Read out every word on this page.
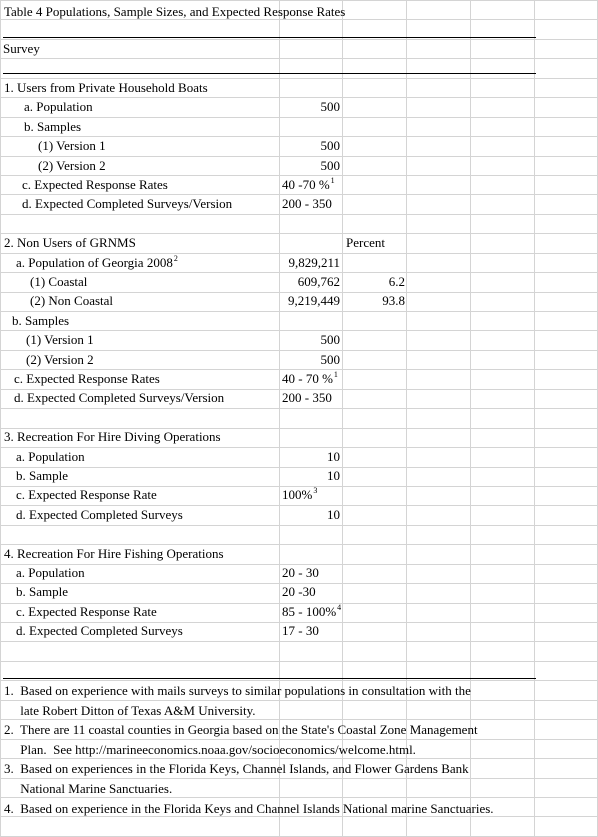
Table 4 Populations, Sample Sizes, and Expected Response Rates
Survey
1. Users from Private Household Boats
a. Population	500
b. Samples
(1) Version 1	500
(2) Version 2	500
c. Expected Response Rates	40 -70 %$^1$
d. Expected Completed Surveys/Version	200 - 350
2. Non Users of GRNMS	Percent
a. Population of Georgia 2008$^2$	9,829,211
(1) Coastal	609,762	6.2
(2) Non Coastal	9,219,449	93.8
b. Samples
(1) Version 1	500
(2) Version 2	500
c. Expected Response Rates	40 - 70 %$^1$
d. Expected Completed Surveys/Version	200 - 350
3. Recreation For Hire Diving Operations
a. Population	10
b. Sample	10
c. Expected Response Rate	100%$^3$
d. Expected Completed Surveys	10
4. Recreation For Hire Fishing Operations
a. Population	20 - 30
b. Sample	20 -30
c. Expected Response Rate	85 - 100%$^4$
d. Expected Completed Surveys	17 - 30
1.  Based on experience with mails surveys to similar populations in consultation with the
late Robert Ditton of Texas A&M University.
2.  There are 11 coastal counties in Georgia based on the State's Coastal Zone Management
Plan.  See http://marineeconomics.noaa.gov/socioeconomics/welcome.html.
3.  Based on experiences in the Florida Keys, Channel Islands, and Flower Gardens Bank
National Marine Sanctuaries.
4.  Based on experience in the Florida Keys and Channel Islands National marine Sanctuaries.
